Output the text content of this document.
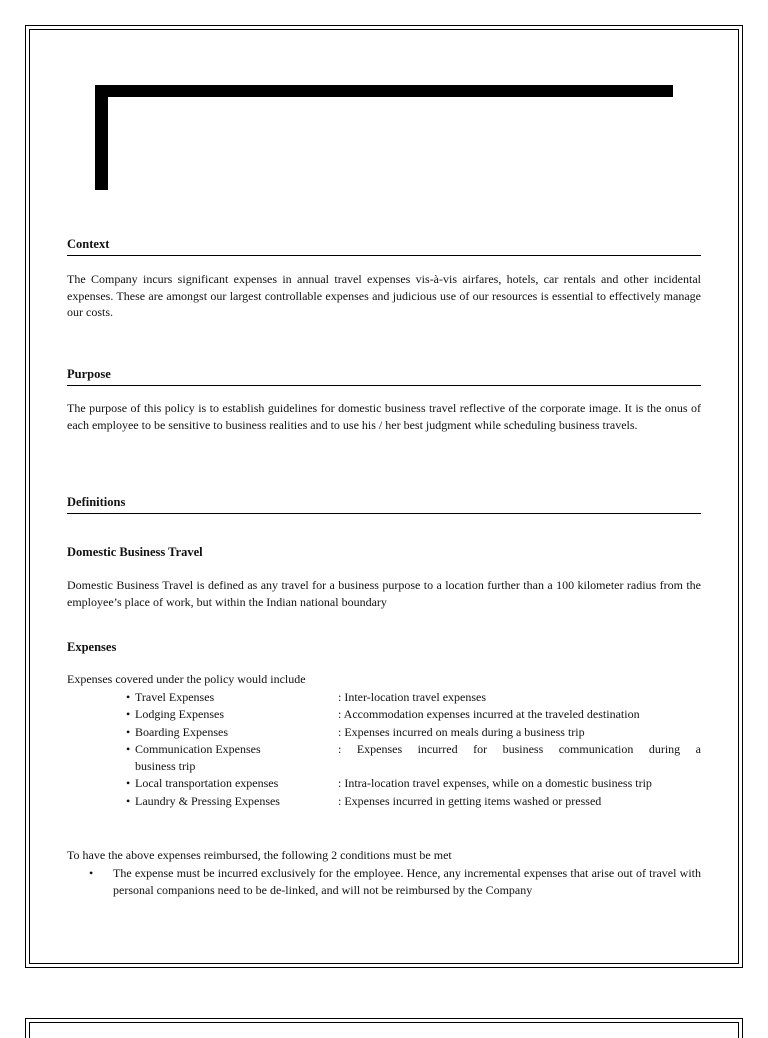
Context

The Company incurs significant expenses in annual travel expenses vis-à-vis airfares, hotels, car rentals and other incidental expenses. These are amongst our largest controllable expenses and judicious use of our resources is essential to effectively manage our costs.

Purpose

The purpose of this policy is to establish guidelines for domestic business travel reflective of the corporate image. It is the onus of each employee to be sensitive to business realities and to use his / her best judgment while scheduling business travels.

Definitions
Domestic Business Travel

Domestic Business Travel is defined as any travel for a business purpose to a location further than a 100 kilometer radius from the employee’s place of work, but within the Indian national boundary

Expenses

Expenses covered under the policy would include

• Travel Expenses	: Inter-location travel expenses
• Lodging Expenses	: Accommodation expenses incurred at the traveled destination
• Boarding Expenses	: Expenses incurred on meals during a business trip
• Communication Expenses	: Expenses incurred for business communication during a
business trip
• Local transportation expenses	: Intra-location travel expenses, while on a domestic business trip
• Laundry & Pressing Expenses	: Expenses incurred in getting items washed or pressed

To have the above expenses reimbursed, the following 2 conditions must be met

•	The expense must be incurred exclusively for the employee. Hence, any incremental expenses that arise out of travel with personal companions need to be de-linked, and will not be reimbursed by the Company
